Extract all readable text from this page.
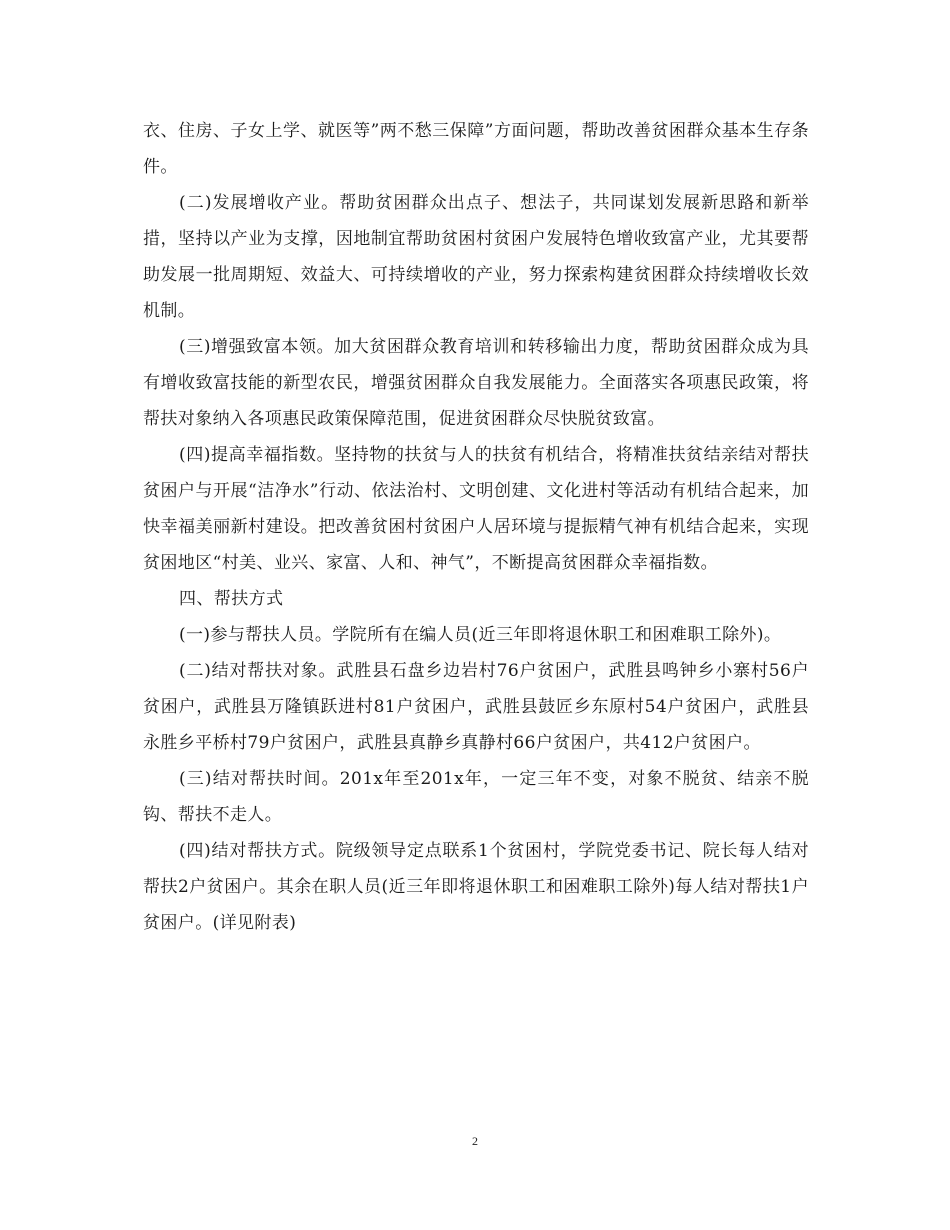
衣、住房、子女上学、就医等”两不愁三保障”方面问题，帮助改善贫困群众基本生存条件。

(二)发展增收产业。帮助贫困群众出点子、想法子，共同谋划发展新思路和新举措，坚持以产业为支撑，因地制宜帮助贫困村贫困户发展特色增收致富产业，尤其要帮助发展一批周期短、效益大、可持续增收的产业，努力探索构建贫困群众持续增收长效机制。

(三)增强致富本领。加大贫困群众教育培训和转移输出力度，帮助贫困群众成为具有增收致富技能的新型农民，增强贫困群众自我发展能力。全面落实各项惠民政策，将帮扶对象纳入各项惠民政策保障范围，促进贫困群众尽快脱贫致富。

(四)提高幸福指数。坚持物的扶贫与人的扶贫有机结合，将精准扶贫结亲结对帮扶贫困户与开展“洁净水”行动、依法治村、文明创建、文化进村等活动有机结合起来，加快幸福美丽新村建设。把改善贫困村贫困户人居环境与提振精气神有机结合起来，实现贫困地区“村美、业兴、家富、人和、神气”，不断提高贫困群众幸福指数。

四、帮扶方式

(一)参与帮扶人员。学院所有在编人员(近三年即将退休职工和困难职工除外)。

(二)结对帮扶对象。武胜县石盘乡边岩村76户贫困户，武胜县鸣钟乡小寨村56户贫困户，武胜县万隆镇跃进村81户贫困户，武胜县鼓匠乡东原村54户贫困户，武胜县永胜乡平桥村79户贫困户，武胜县真静乡真静村66户贫困户，共412户贫困户。

(三)结对帮扶时间。201x年至201x年，一定三年不变，对象不脱贫、结亲不脱钩、帮扶不走人。

(四)结对帮扶方式。院级领导定点联系1个贫困村，学院党委书记、院长每人结对帮扶2户贫困户。其余在职人员(近三年即将退休职工和困难职工除外)每人结对帮扶1户贫困户。(详见附表)

2
